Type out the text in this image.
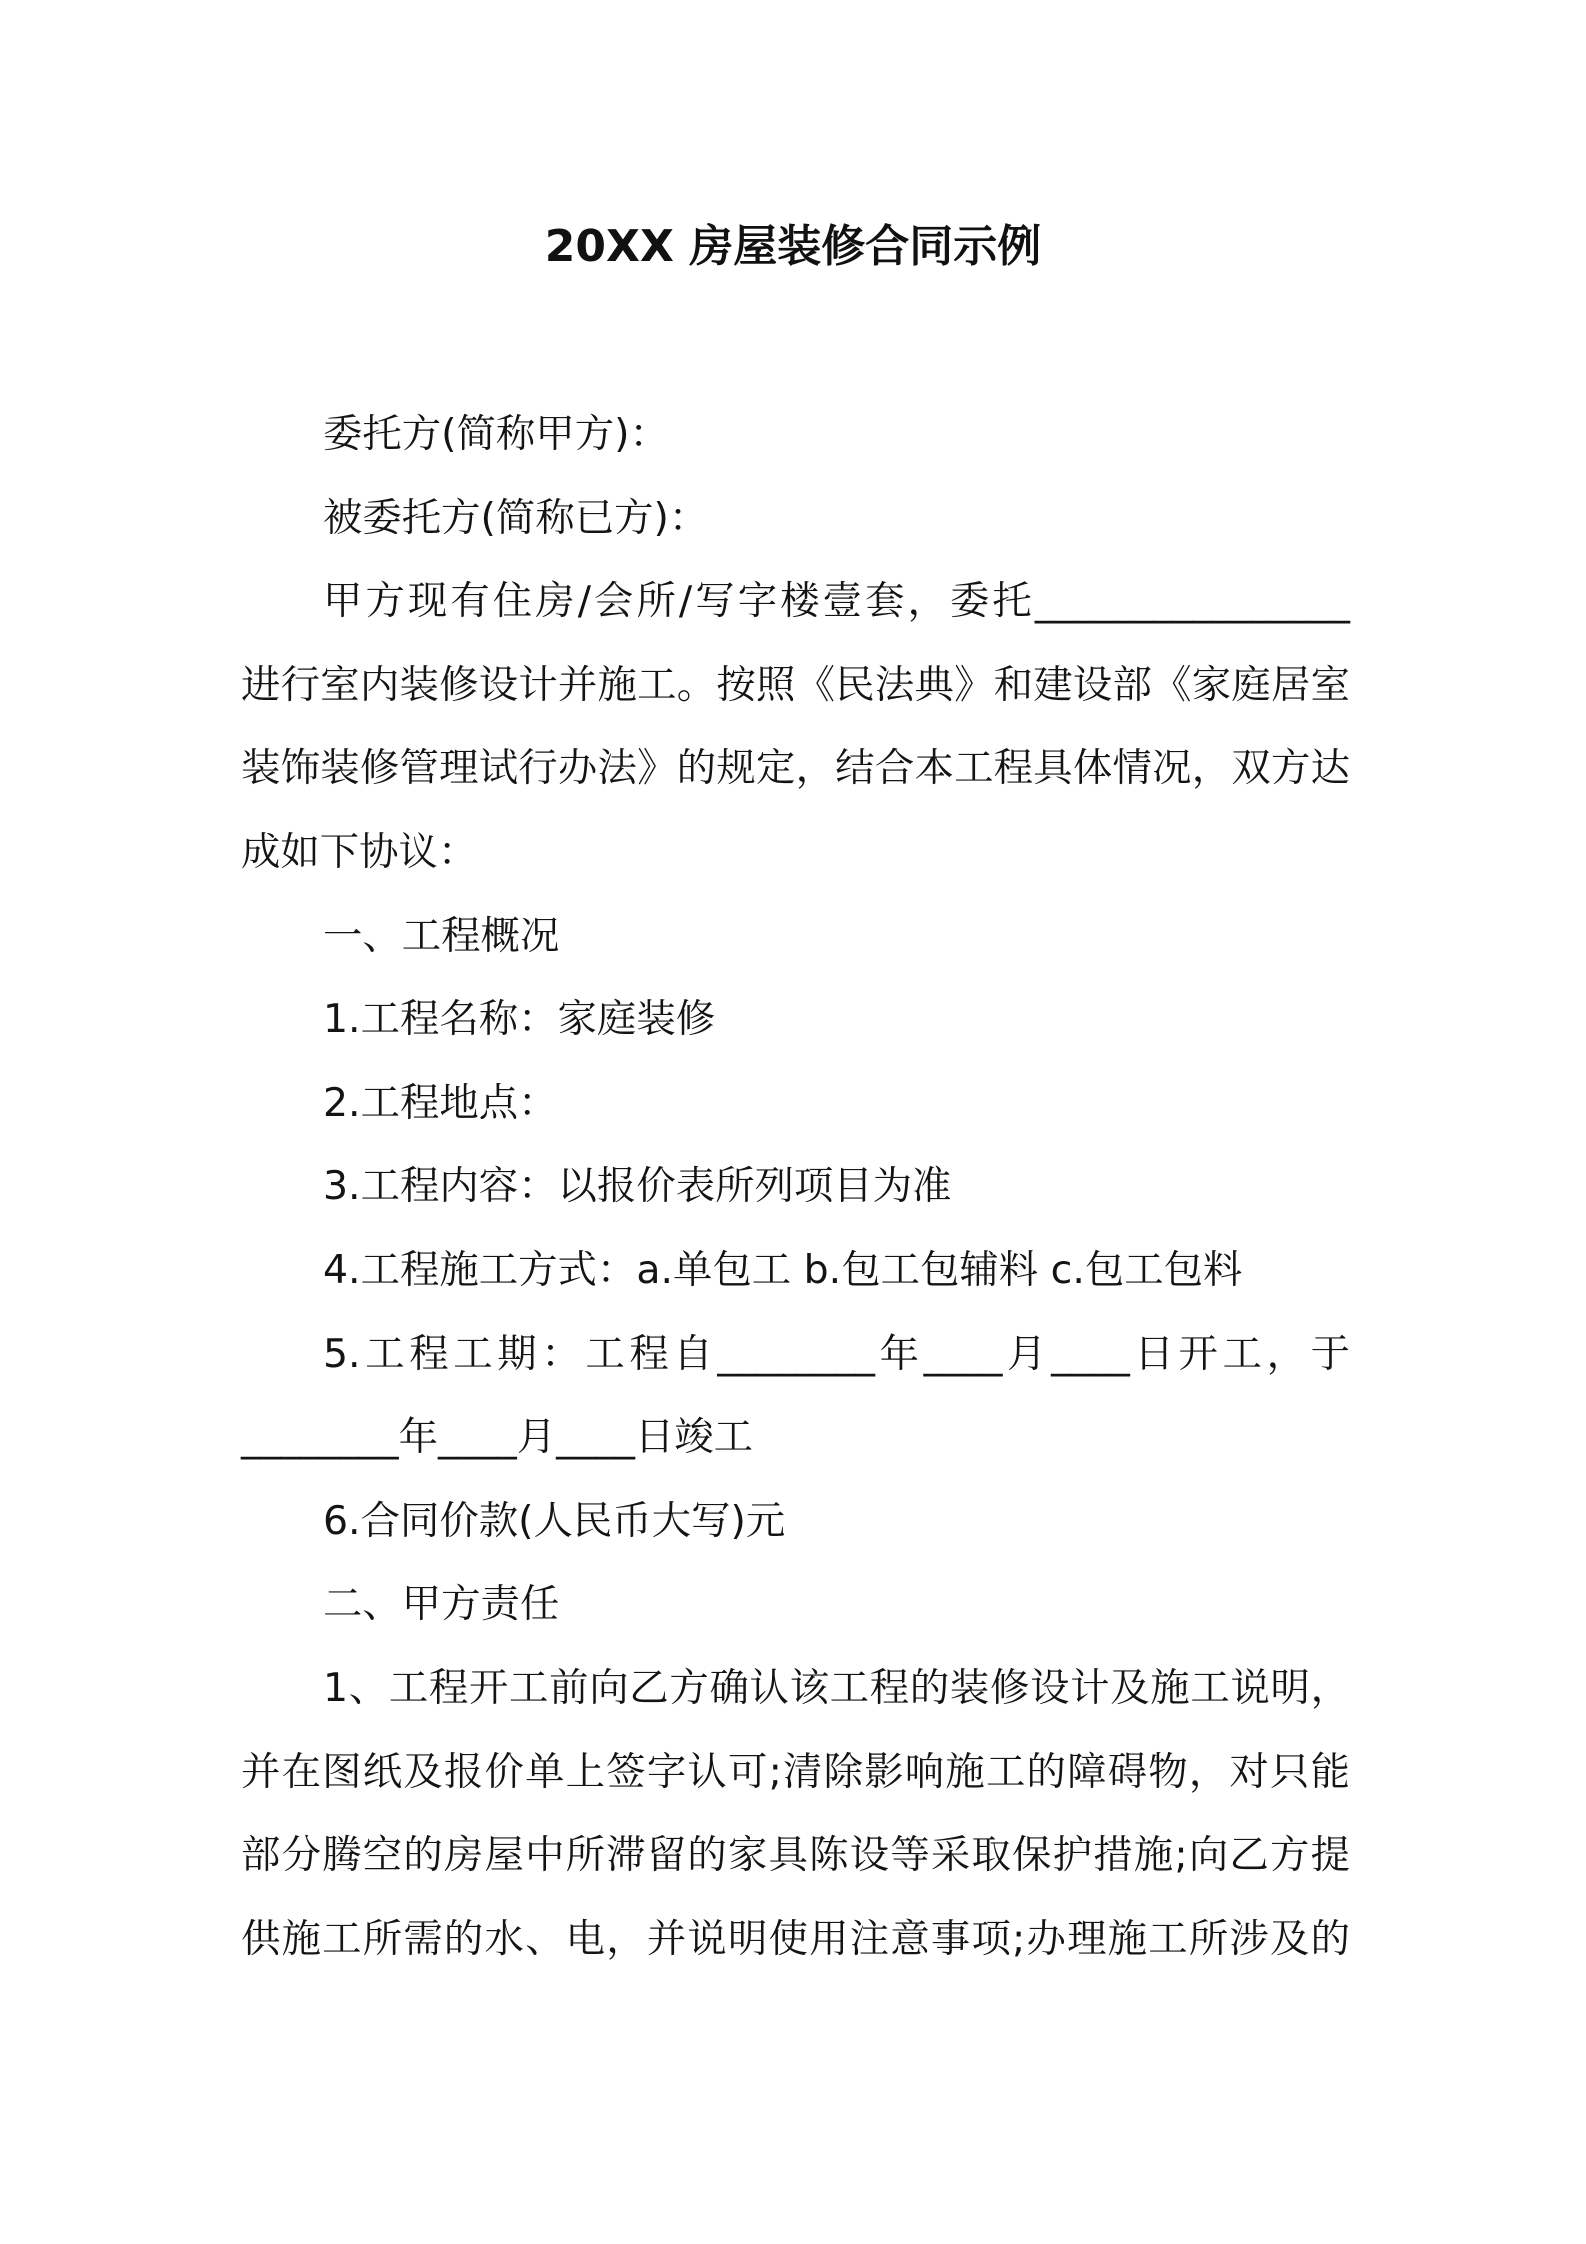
20XX 房屋装修合同示例
委托方(简称甲方)：
被委托方(简称已方)：
甲方现有住房/会所/写字楼壹套，委托________________
进行室内装修设计并施工。按照《民法典》和建设部《家庭居室
装饰装修管理试行办法》的规定，结合本工程具体情况，双方达
成如下协议：
一、工程概况
1.工程名称：家庭装修
2.工程地点：
3.工程内容：以报价表所列项目为准
4.工程施工方式：a.单包工 b.包工包辅料 c.包工包料
5.工程工期：工程自________年____月____日开工，于
________年____月____日竣工
6.合同价款(人民币大写)元
二、甲方责任
1、工程开工前向乙方确认该工程的装修设计及施工说明，
并在图纸及报价单上签字认可;清除影响施工的障碍物，对只能
部分腾空的房屋中所滞留的家具陈设等采取保护措施;向乙方提
供施工所需的水、电，并说明使用注意事项;办理施工所涉及的
